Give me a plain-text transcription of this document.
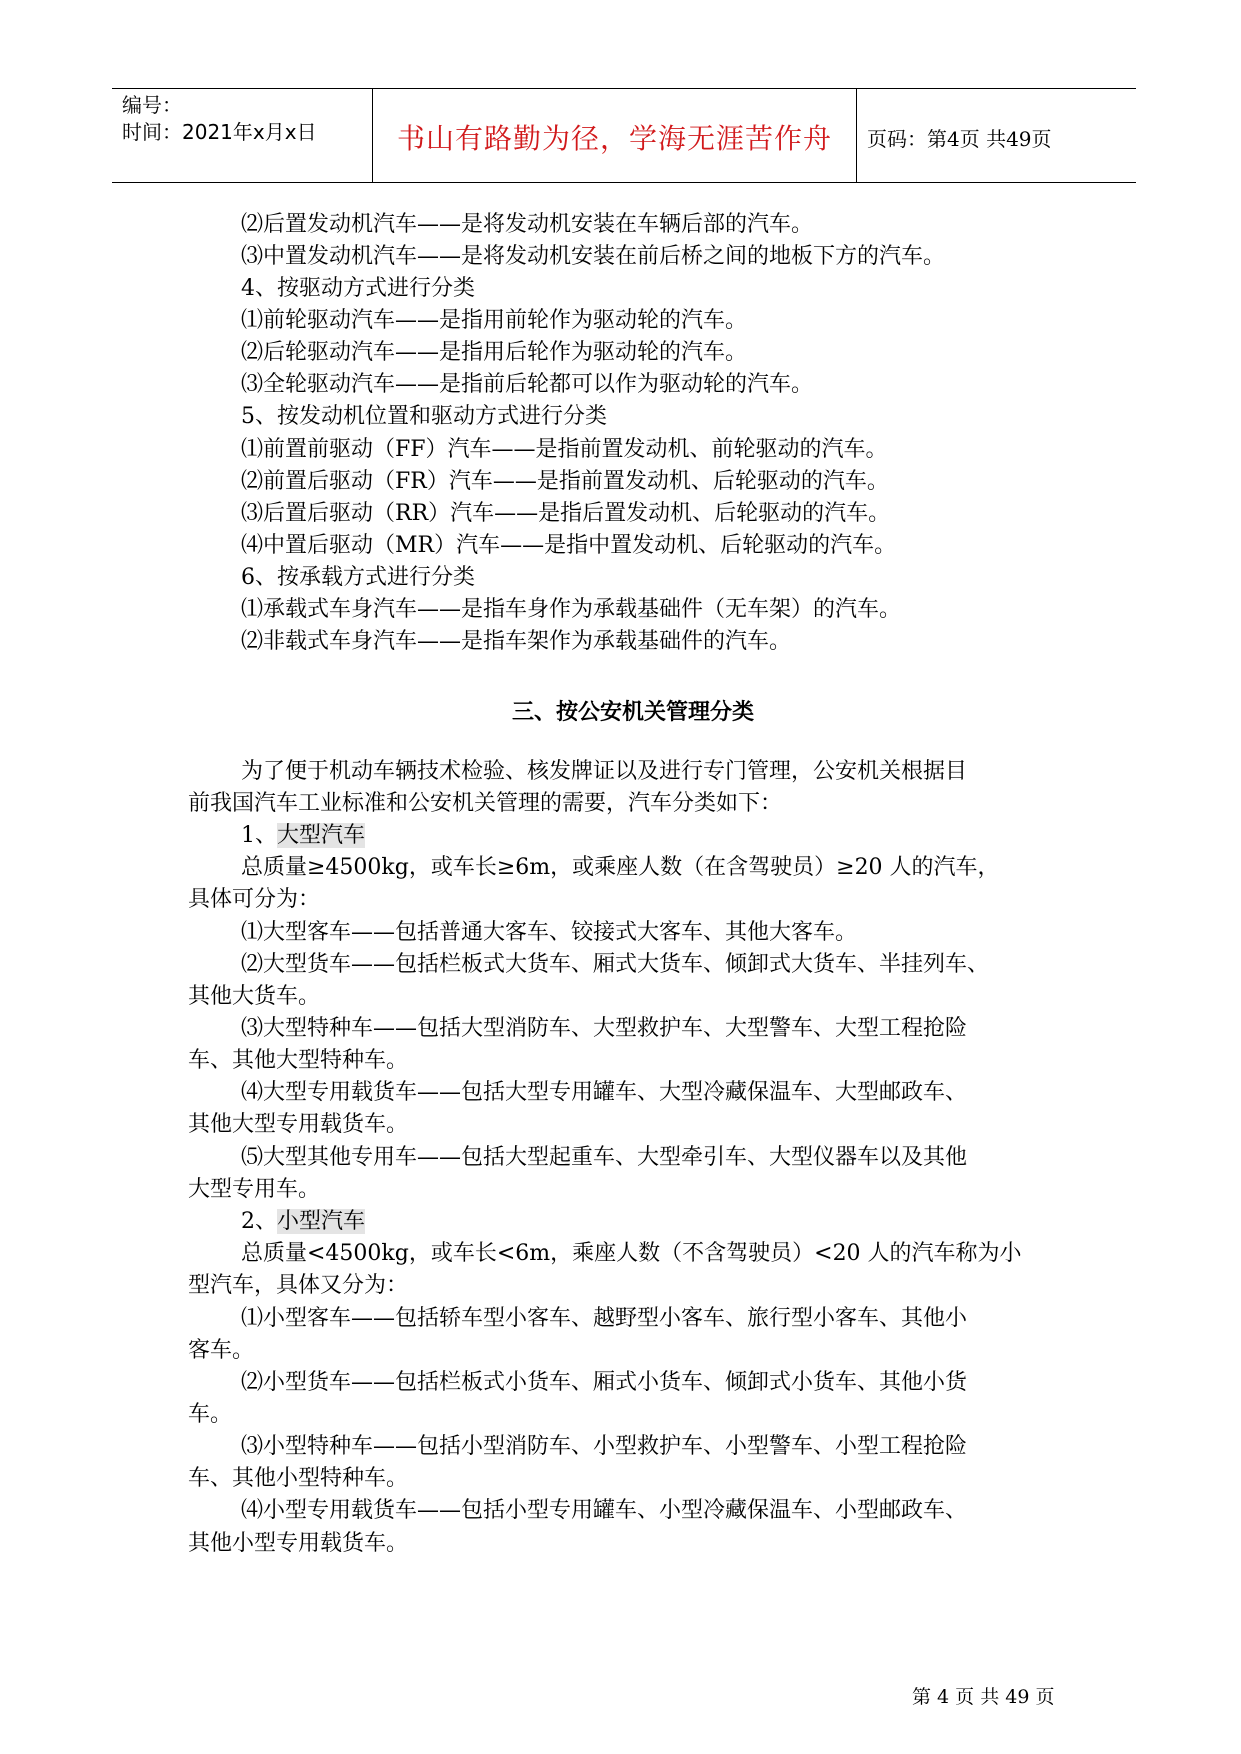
编号：
时间：2021年x月x日	书山有路勤为径，学海无涯苦作舟	页码：第4页 共49页
⑵后置发动机汽车——是将发动机安装在车辆后部的汽车。
⑶中置发动机汽车——是将发动机安装在前后桥之间的地板下方的汽车。
4、按驱动方式进行分类
⑴前轮驱动汽车——是指用前轮作为驱动轮的汽车。
⑵后轮驱动汽车——是指用后轮作为驱动轮的汽车。
⑶全轮驱动汽车——是指前后轮都可以作为驱动轮的汽车。
5、按发动机位置和驱动方式进行分类
⑴前置前驱动（FF）汽车——是指前置发动机、前轮驱动的汽车。
⑵前置后驱动（FR）汽车——是指前置发动机、后轮驱动的汽车。
⑶后置后驱动（RR）汽车——是指后置发动机、后轮驱动的汽车。
⑷中置后驱动（MR）汽车——是指中置发动机、后轮驱动的汽车。
6、按承载方式进行分类
⑴承载式车身汽车——是指车身作为承载基础件（无车架）的汽车。
⑵非载式车身汽车——是指车架作为承载基础件的汽车。
三、按公安机关管理分类
为了便于机动车辆技术检验、核发牌证以及进行专门管理，公安机关根据目
前我国汽车工业标准和公安机关管理的需要，汽车分类如下：
1、大型汽车
总质量≥4500kg，或车长≥6m，或乘座人数（在含驾驶员）≥20 人的汽车，
具体可分为：
⑴大型客车——包括普通大客车、铰接式大客车、其他大客车。
⑵大型货车——包括栏板式大货车、厢式大货车、倾卸式大货车、半挂列车、
其他大货车。
⑶大型特种车——包括大型消防车、大型救护车、大型警车、大型工程抢险
车、其他大型特种车。
⑷大型专用载货车——包括大型专用罐车、大型冷藏保温车、大型邮政车、
其他大型专用载货车。
⑸大型其他专用车——包括大型起重车、大型牵引车、大型仪器车以及其他
大型专用车。
2、小型汽车
总质量<4500kg，或车长<6m，乘座人数（不含驾驶员）<20 人的汽车称为小
型汽车，具体又分为：
⑴小型客车——包括轿车型小客车、越野型小客车、旅行型小客车、其他小
客车。
⑵小型货车——包括栏板式小货车、厢式小货车、倾卸式小货车、其他小货
车。
⑶小型特种车——包括小型消防车、小型救护车、小型警车、小型工程抢险
车、其他小型特种车。
⑷小型专用载货车——包括小型专用罐车、小型冷藏保温车、小型邮政车、
其他小型专用载货车。
第 4 页 共 49 页
